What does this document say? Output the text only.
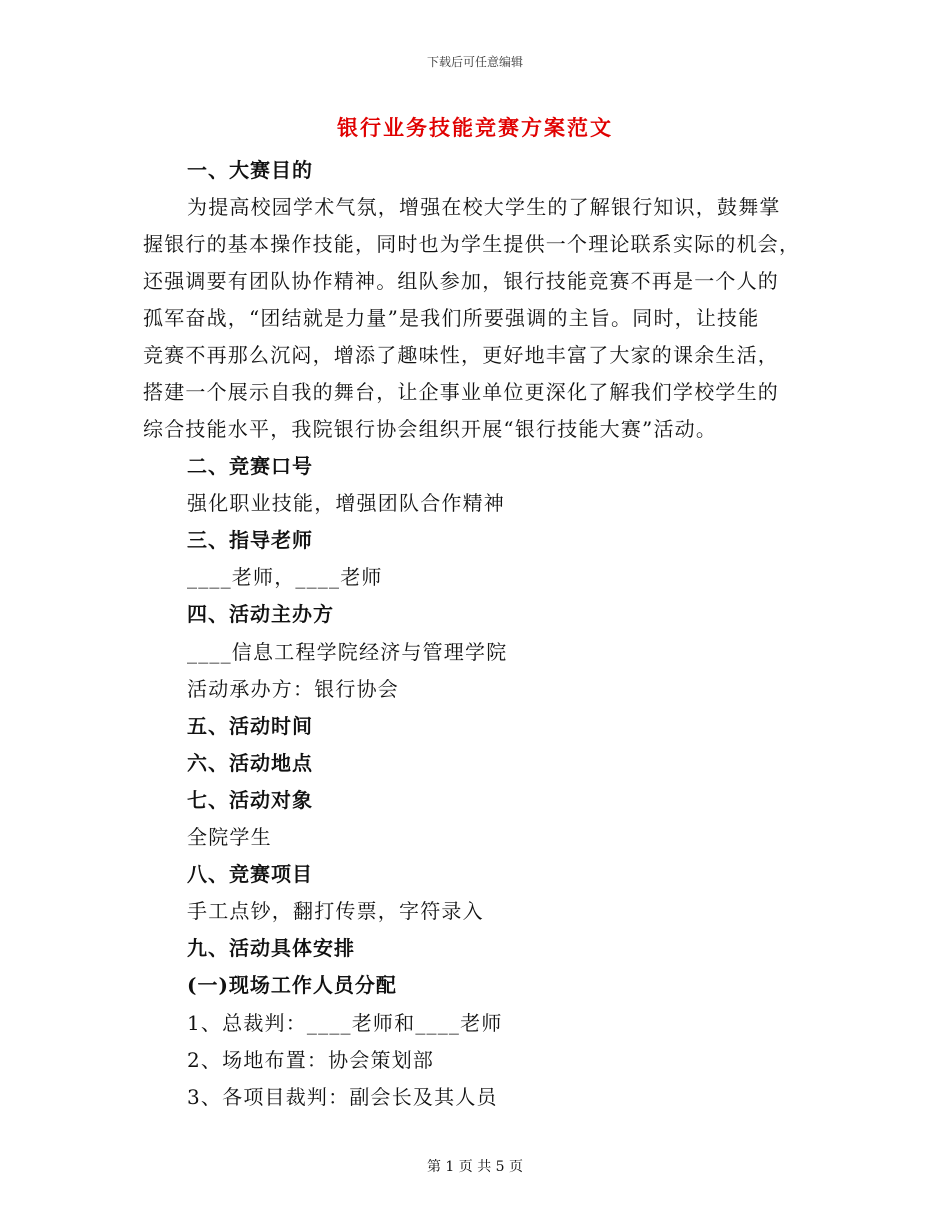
下载后可任意编辑
银行业务技能竞赛方案范文
一、大赛目的
为提高校园学术气氛，增强在校大学生的了解银行知识，鼓舞掌
握银行的基本操作技能，同时也为学生提供一个理论联系实际的机会，
还强调要有团队协作精神。组队参加，银行技能竞赛不再是一个人的
孤军奋战，“团结就是力量”是我们所要强调的主旨。同时，让技能
竞赛不再那么沉闷，增添了趣味性，更好地丰富了大家的课余生活，
搭建一个展示自我的舞台，让企事业单位更深化了解我们学校学生的
综合技能水平，我院银行协会组织开展“银行技能大赛”活动。
二、竞赛口号
强化职业技能，增强团队合作精神
三、指导老师
____老师，____老师
四、活动主办方
____信息工程学院经济与管理学院
活动承办方：银行协会
五、活动时间
六、活动地点
七、活动对象
全院学生
八、竞赛项目
手工点钞，翻打传票，字符录入
九、活动具体安排
(一)现场工作人员分配
1、总裁判：____老师和____老师
2、场地布置：协会策划部
3、各项目裁判：副会长及其人员
第 1 页 共 5 页
